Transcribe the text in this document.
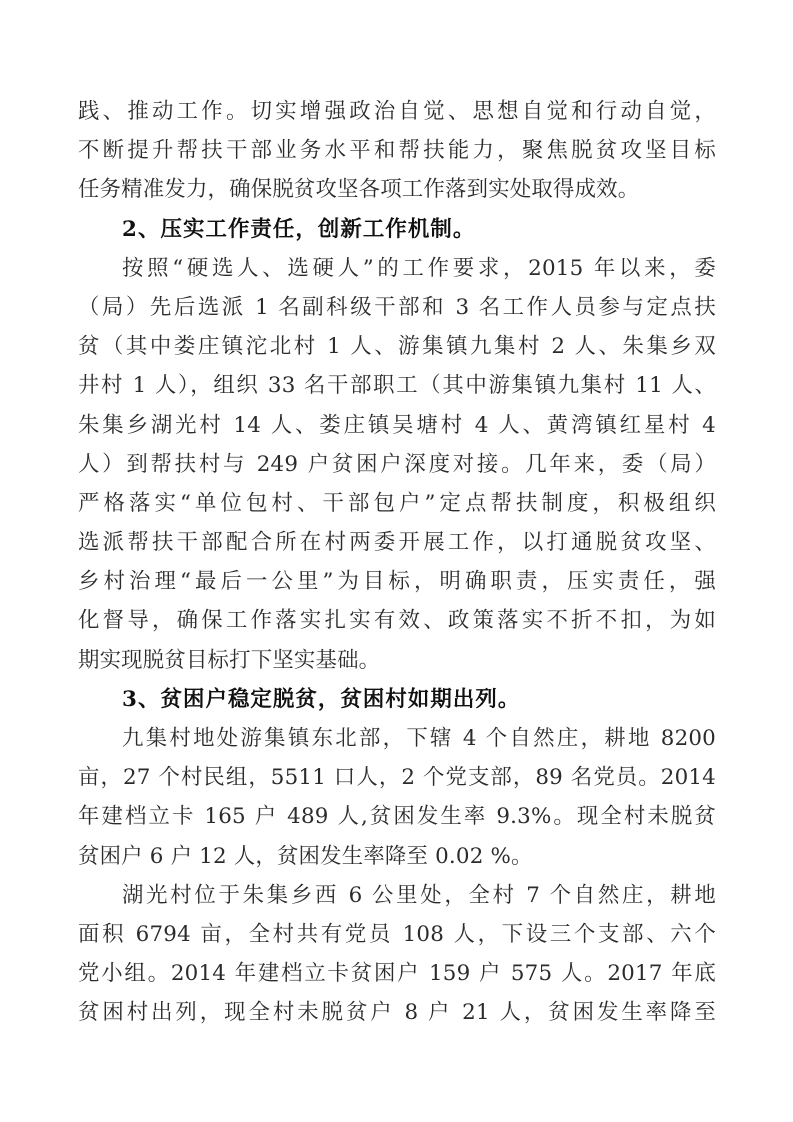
践、推动工作。切实增强政治自觉、思想自觉和行动自觉，
不断提升帮扶干部业务水平和帮扶能力，聚焦脱贫攻坚目标
任务精准发力，确保脱贫攻坚各项工作落到实处取得成效。
2、压实工作责任，创新工作机制。
按照“硬选人、选硬人”的工作要求，2015 年以来，委
（局）先后选派 1 名副科级干部和 3 名工作人员参与定点扶
贫（其中娄庄镇沱北村 1 人、游集镇九集村 2 人、朱集乡双
井村 1 人），组织 33 名干部职工（其中游集镇九集村 11 人、
朱集乡湖光村 14 人、娄庄镇吴塘村 4 人、黄湾镇红星村 4
人）到帮扶村与 249 户贫困户深度对接。几年来，委（局）
严格落实“单位包村、干部包户”定点帮扶制度，积极组织
选派帮扶干部配合所在村两委开展工作，以打通脱贫攻坚、
乡村治理“最后一公里”为目标，明确职责，压实责任，强
化督导，确保工作落实扎实有效、政策落实不折不扣，为如
期实现脱贫目标打下坚实基础。
3、贫困户稳定脱贫，贫困村如期出列。
九集村地处游集镇东北部，下辖 4 个自然庄，耕地 8200
亩，27 个村民组，5511 口人，2 个党支部，89 名党员。2014
年建档立卡 165 户 489 人,贫困发生率 9.3%。现全村未脱贫
贫困户 6 户 12 人，贫困发生率降至 0.02 %。
湖光村位于朱集乡西 6 公里处，全村 7 个自然庄，耕地
面积 6794 亩，全村共有党员 108 人，下设三个支部、六个
党小组。2014 年建档立卡贫困户 159 户 575 人。2017 年底
贫困村出列，现全村未脱贫户 8 户 21 人，贫困发生率降至
